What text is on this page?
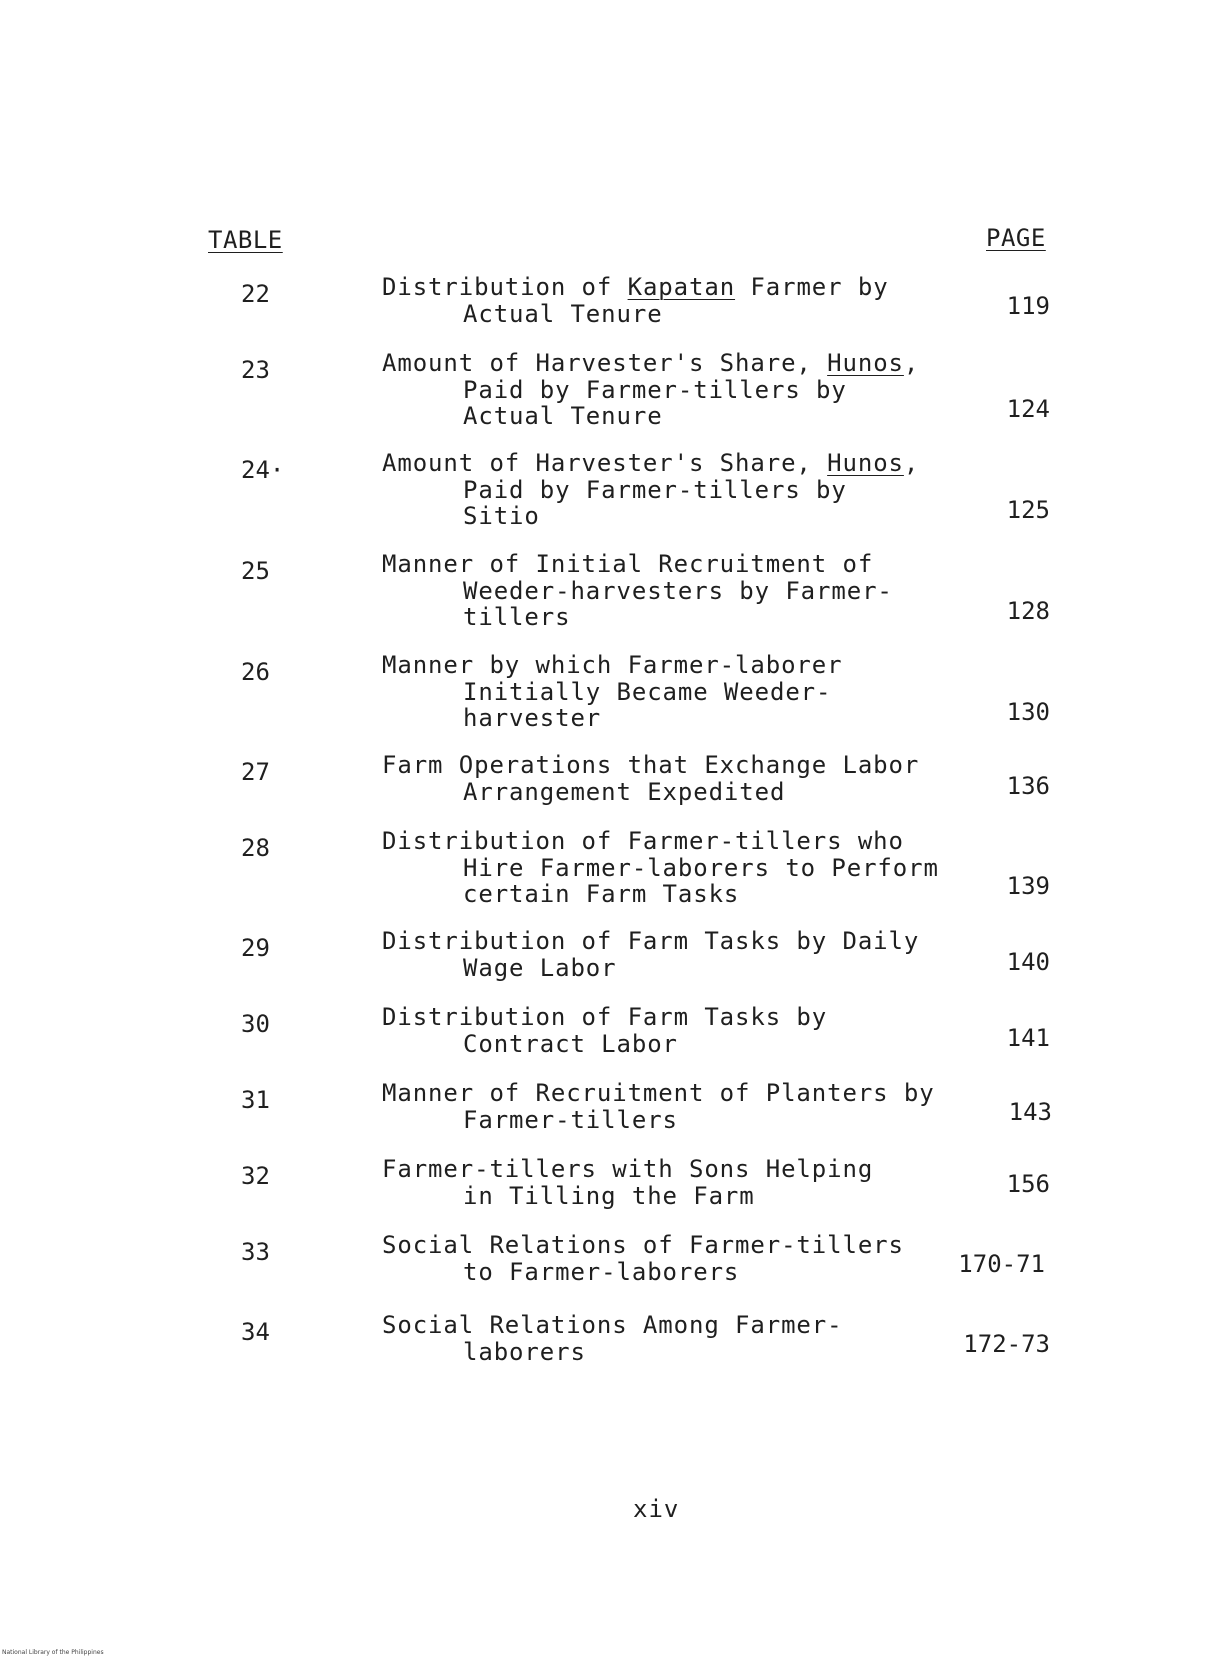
TABLE	PAGE
22	Distribution of Kapatan Farmer by
Actual Tenure	119
23	Amount of Harvester's Share, Hunos,
Paid by Farmer-tillers by
Actual Tenure	124
24·	Amount of Harvester's Share, Hunos,
Paid by Farmer-tillers by
Sitio	125
25	Manner of Initial Recruitment of
Weeder-harvesters by Farmer-
tillers	128
26	Manner by which Farmer-laborer
Initially Became Weeder-
harvester	130
27	Farm Operations that Exchange Labor
Arrangement Expedited	136
28	Distribution of Farmer-tillers who
Hire Farmer-laborers to Perform
certain Farm Tasks	139
29	Distribution of Farm Tasks by Daily
Wage Labor	140
30	Distribution of Farm Tasks by
Contract Labor	141
31	Manner of Recruitment of Planters by
Farmer-tillers	143
32	Farmer-tillers with Sons Helping
in Tilling the Farm	156
33	Social Relations of Farmer-tillers
to Farmer-laborers	170-71
34	Social Relations Among Farmer-
laborers	172-73
xiv
National Library of the Philippines
